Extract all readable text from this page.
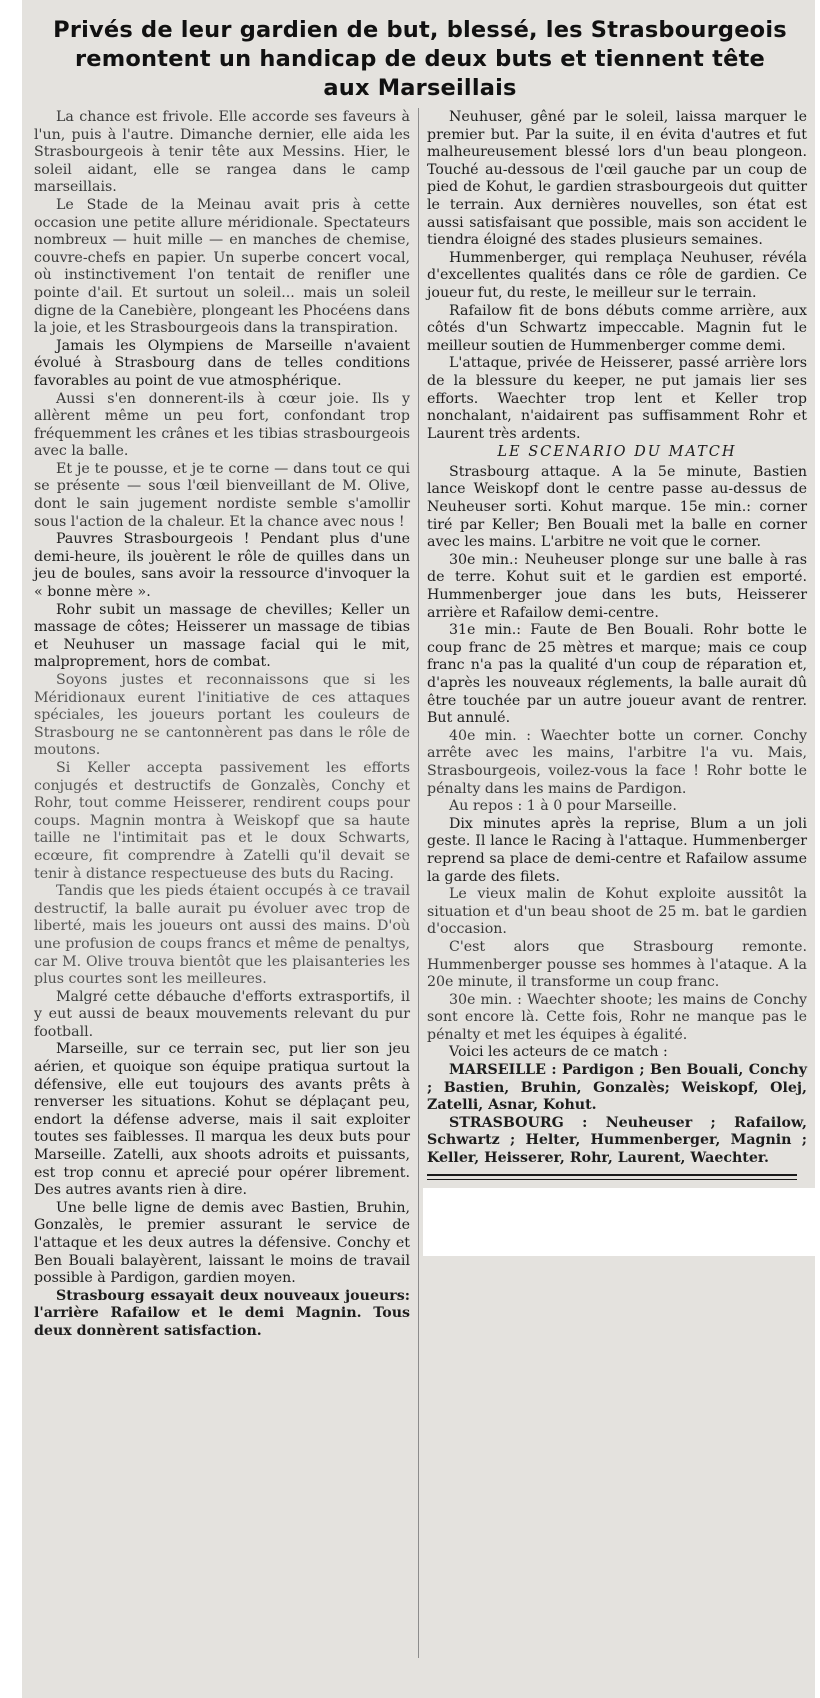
Privés de leur gardien de but, blessé, les Strasbourgeois
remontent un handicap de deux buts et tiennent tête
aux Marseillais

La chance est frivole. Elle accorde ses faveurs à l'un, puis à l'autre. Dimanche dernier, elle aida les Strasbourgeois à tenir tête aux Messins. Hier, le soleil aidant, elle se rangea dans le camp marseillais.

Le Stade de la Meinau avait pris à cette occasion une petite allure méridionale. Spectateurs nombreux — huit mille — en manches de chemise, couvre-chefs en papier. Un superbe concert vocal, où instinctivement l'on tentait de renifler une pointe d'ail. Et surtout un soleil... mais un soleil digne de la Canebière, plongeant les Phocéens dans la joie, et les Strasbourgeois dans la transpiration.

Jamais les Olympiens de Marseille n'avaient évolué à Strasbourg dans de telles conditions favorables au point de vue atmosphérique.

Aussi s'en donnerent-ils à cœur joie. Ils y allèrent même un peu fort, confondant trop fréquemment les crânes et les tibias strasbourgeois avec la balle.

Et je te pousse, et je te corne — dans tout ce qui se présente — sous l'œil bienveillant de M. Olive, dont le sain jugement nordiste semble s'amollir sous l'action de la chaleur. Et la chance avec nous !

Pauvres Strasbourgeois ! Pendant plus d'une demi-heure, ils jouèrent le rôle de quilles dans un jeu de boules, sans avoir la ressource d'invoquer la « bonne mère ».

Rohr subit un massage de chevilles; Keller un massage de côtes; Heisserer un massage de tibias et Neuhuser un massage facial qui le mit, malproprement, hors de combat.

Soyons justes et reconnaissons que si les Méridionaux eurent l'initiative de ces attaques spéciales, les joueurs portant les couleurs de Strasbourg ne se cantonnèrent pas dans le rôle de moutons.

Si Keller accepta passivement les efforts conjugés et destructifs de Gonzalès, Conchy et Rohr, tout comme Heisserer, rendirent coups pour coups. Magnin montra à Weiskopf que sa haute taille ne l'intimitait pas et le doux Schwarts, ecœure, fit comprendre à Zatelli qu'il devait se tenir à distance respectueuse des buts du Racing.

Tandis que les pieds étaient occupés à ce travail destructif, la balle aurait pu évoluer avec trop de liberté, mais les joueurs ont aussi des mains. D'où une profusion de coups francs et même de penaltys, car M. Olive trouva bientôt que les plaisanteries les plus courtes sont les meilleures.

Malgré cette débauche d'efforts extrasportifs, il y eut aussi de beaux mouvements relevant du pur football.

Marseille, sur ce terrain sec, put lier son jeu aérien, et quoique son équipe pratiqua surtout la défensive, elle eut toujours des avants prêts à renverser les situations. Kohut se déplaçant peu, endort la défense adverse, mais il sait exploiter toutes ses faiblesses. Il marqua les deux buts pour Marseille. Zatelli, aux shoots adroits et puissants, est trop connu et aprecié pour opérer librement. Des autres avants rien à dire.

Une belle ligne de demis avec Bastien, Bruhin, Gonzalès, le premier assurant le service de l'attaque et les deux autres la défensive. Conchy et Ben Bouali balayèrent, laissant le moins de travail possible à Pardigon, gardien moyen.

Strasbourg essayait deux nouveaux joueurs: l'arrière Rafailow et le demi Magnin. Tous deux donnèrent satisfaction.

Neuhuser, gêné par le soleil, laissa marquer le premier but. Par la suite, il en évita d'autres et fut malheureusement blessé lors d'un beau plongeon. Touché au-dessous de l'œil gauche par un coup de pied de Kohut, le gardien strasbourgeois dut quitter le terrain. Aux dernières nouvelles, son état est aussi satisfaisant que possible, mais son accident le tiendra éloigné des stades plusieurs semaines.

Hummenberger, qui remplaça Neuhuser, révéla d'excellentes qualités dans ce rôle de gardien. Ce joueur fut, du reste, le meilleur sur le terrain.

Rafailow fit de bons débuts comme arrière, aux côtés d'un Schwartz impeccable. Magnin fut le meilleur soutien de Hummenberger comme demi.

L'attaque, privée de Heisserer, passé arrière lors de la blessure du keeper, ne put jamais lier ses efforts. Waechter trop lent et Keller trop nonchalant, n'aidairent pas suffisamment Rohr et Laurent très ardents.

LE SCENARIO DU MATCH

Strasbourg attaque. A la 5e minute, Bastien lance Weiskopf dont le centre passe au-dessus de Neuheuser sorti. Kohut marque. 15e min.: corner tiré par Keller; Ben Bouali met la balle en corner avec les mains. L'arbitre ne voit que le corner.

30e min.: Neuheuser plonge sur une balle à ras de terre. Kohut suit et le gardien est emporté. Hummenberger joue dans les buts, Heisserer arrière et Rafailow demi-centre.

31e min.: Faute de Ben Bouali. Rohr botte le coup franc de 25 mètres et marque; mais ce coup franc n'a pas la qualité d'un coup de réparation et, d'après les nouveaux réglements, la balle aurait dû être touchée par un autre joueur avant de rentrer. But annulé.

40e min. : Waechter botte un corner. Conchy arrête avec les mains, l'arbitre l'a vu. Mais, Strasbourgeois, voilez-vous la face ! Rohr botte le pénalty dans les mains de Pardigon.

Au repos : 1 à 0 pour Marseille.

Dix minutes après la reprise, Blum a un joli geste. Il lance le Racing à l'attaque. Hummenberger reprend sa place de demi-centre et Rafailow assume la garde des filets.

Le vieux malin de Kohut exploite aussitôt la situation et d'un beau shoot de 25 m. bat le gardien d'occasion.

C'est alors que Strasbourg remonte. Hummenberger pousse ses hommes à l'ataque. A la 20e minute, il transforme un coup franc.

30e min. : Waechter shoote; les mains de Conchy sont encore là. Cette fois, Rohr ne manque pas le pénalty et met les équipes à égalité.

Voici les acteurs de ce match :

MARSEILLE : Pardigon ; Ben Bouali, Conchy ; Bastien, Bruhin, Gonzalès; Weiskopf, Olej, Zatelli, Asnar, Kohut.

STRASBOURG : Neuheuser ; Rafailow, Schwartz ; Helter, Hummenberger, Magnin ; Keller, Heisserer, Rohr, Laurent, Waechter.
